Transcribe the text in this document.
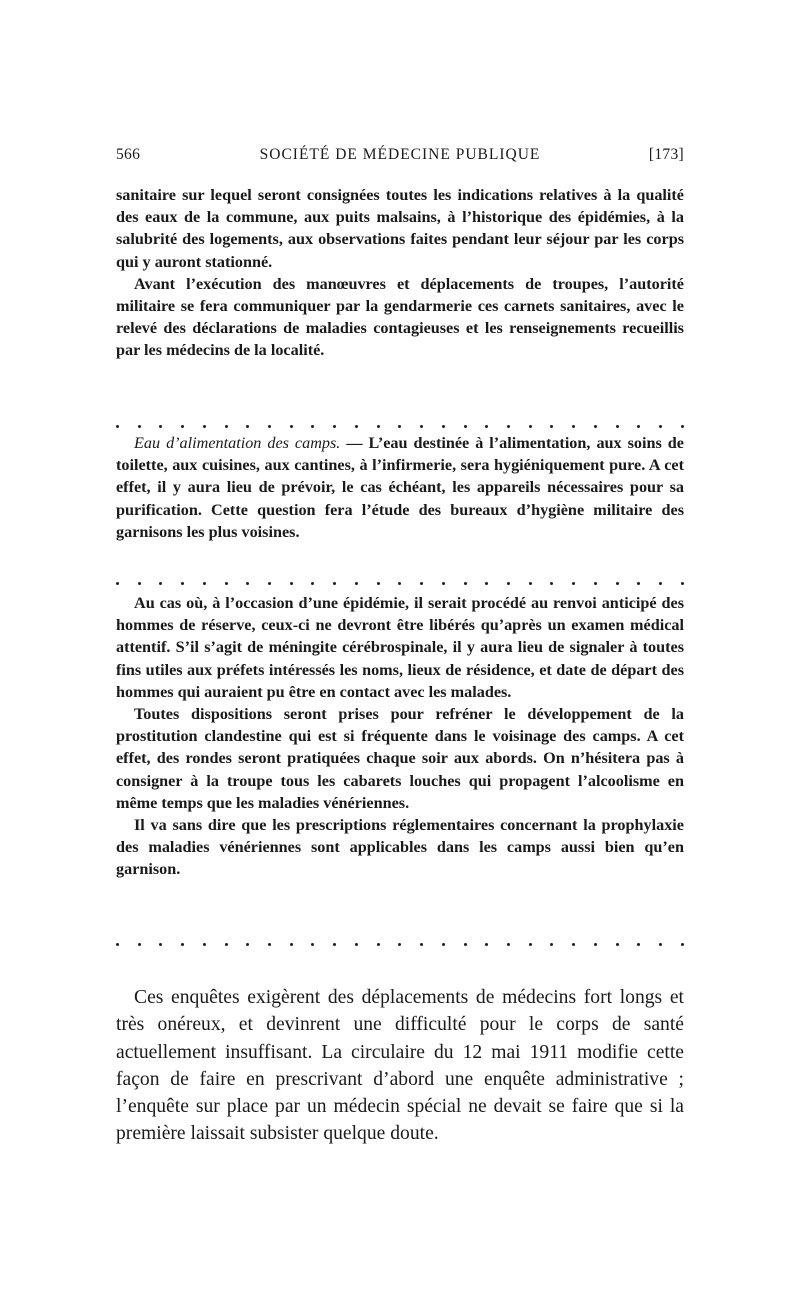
566	SOCIÉTÉ DE MÉDECINE PUBLIQUE	[173]

sanitaire sur lequel seront consignées toutes les indications relatives à la qualité des eaux de la commune, aux puits malsains, à l’historique des épidémies, à la salubrité des logements, aux observations faites pendant leur séjour par les corps qui y auront stationné.

Avant l’exécution des manœuvres et déplacements de troupes, l’autorité militaire se fera communiquer par la gendarmerie ces carnets sanitaires, avec le relevé des déclarations de maladies contagieuses et les renseignements recueillis par les médecins de la localité.

Eau d’alimentation des camps. — L’eau destinée à l’alimentation, aux soins de toilette, aux cuisines, aux cantines, à l’infirmerie, sera hygiéniquement pure. A cet effet, il y aura lieu de prévoir, le cas échéant, les appareils nécessaires pour sa purification. Cette question fera l’étude des bureaux d’hygiène militaire des garnisons les plus voisines.

Au cas où, à l’occasion d’une épidémie, il serait procédé au renvoi anticipé des hommes de réserve, ceux-ci ne devront être libérés qu’après un examen médical attentif. S’il s’agit de méningite cérébrospinale, il y aura lieu de signaler à toutes fins utiles aux préfets intéressés les noms, lieux de résidence, et date de départ des hommes qui auraient pu être en contact avec les malades.

Toutes dispositions seront prises pour refréner le développement de la prostitution clandestine qui est si fréquente dans le voisinage des camps. A cet effet, des rondes seront pratiquées chaque soir aux abords. On n’hésitera pas à consigner à la troupe tous les cabarets louches qui propagent l’alcoolisme en même temps que les maladies vénériennes.

Il va sans dire que les prescriptions réglementaires concernant la prophylaxie des maladies vénériennes sont applicables dans les camps aussi bien qu’en garnison.

Ces enquêtes exigèrent des déplacements de médecins fort longs et très onéreux, et devinrent une difficulté pour le corps de santé actuellement insuffisant. La circulaire du 12 mai 1911 modifie cette façon de faire en prescrivant d’abord une enquête administrative ; l’enquête sur place par un médecin spécial ne devait se faire que si la première laissait subsister quelque doute.
